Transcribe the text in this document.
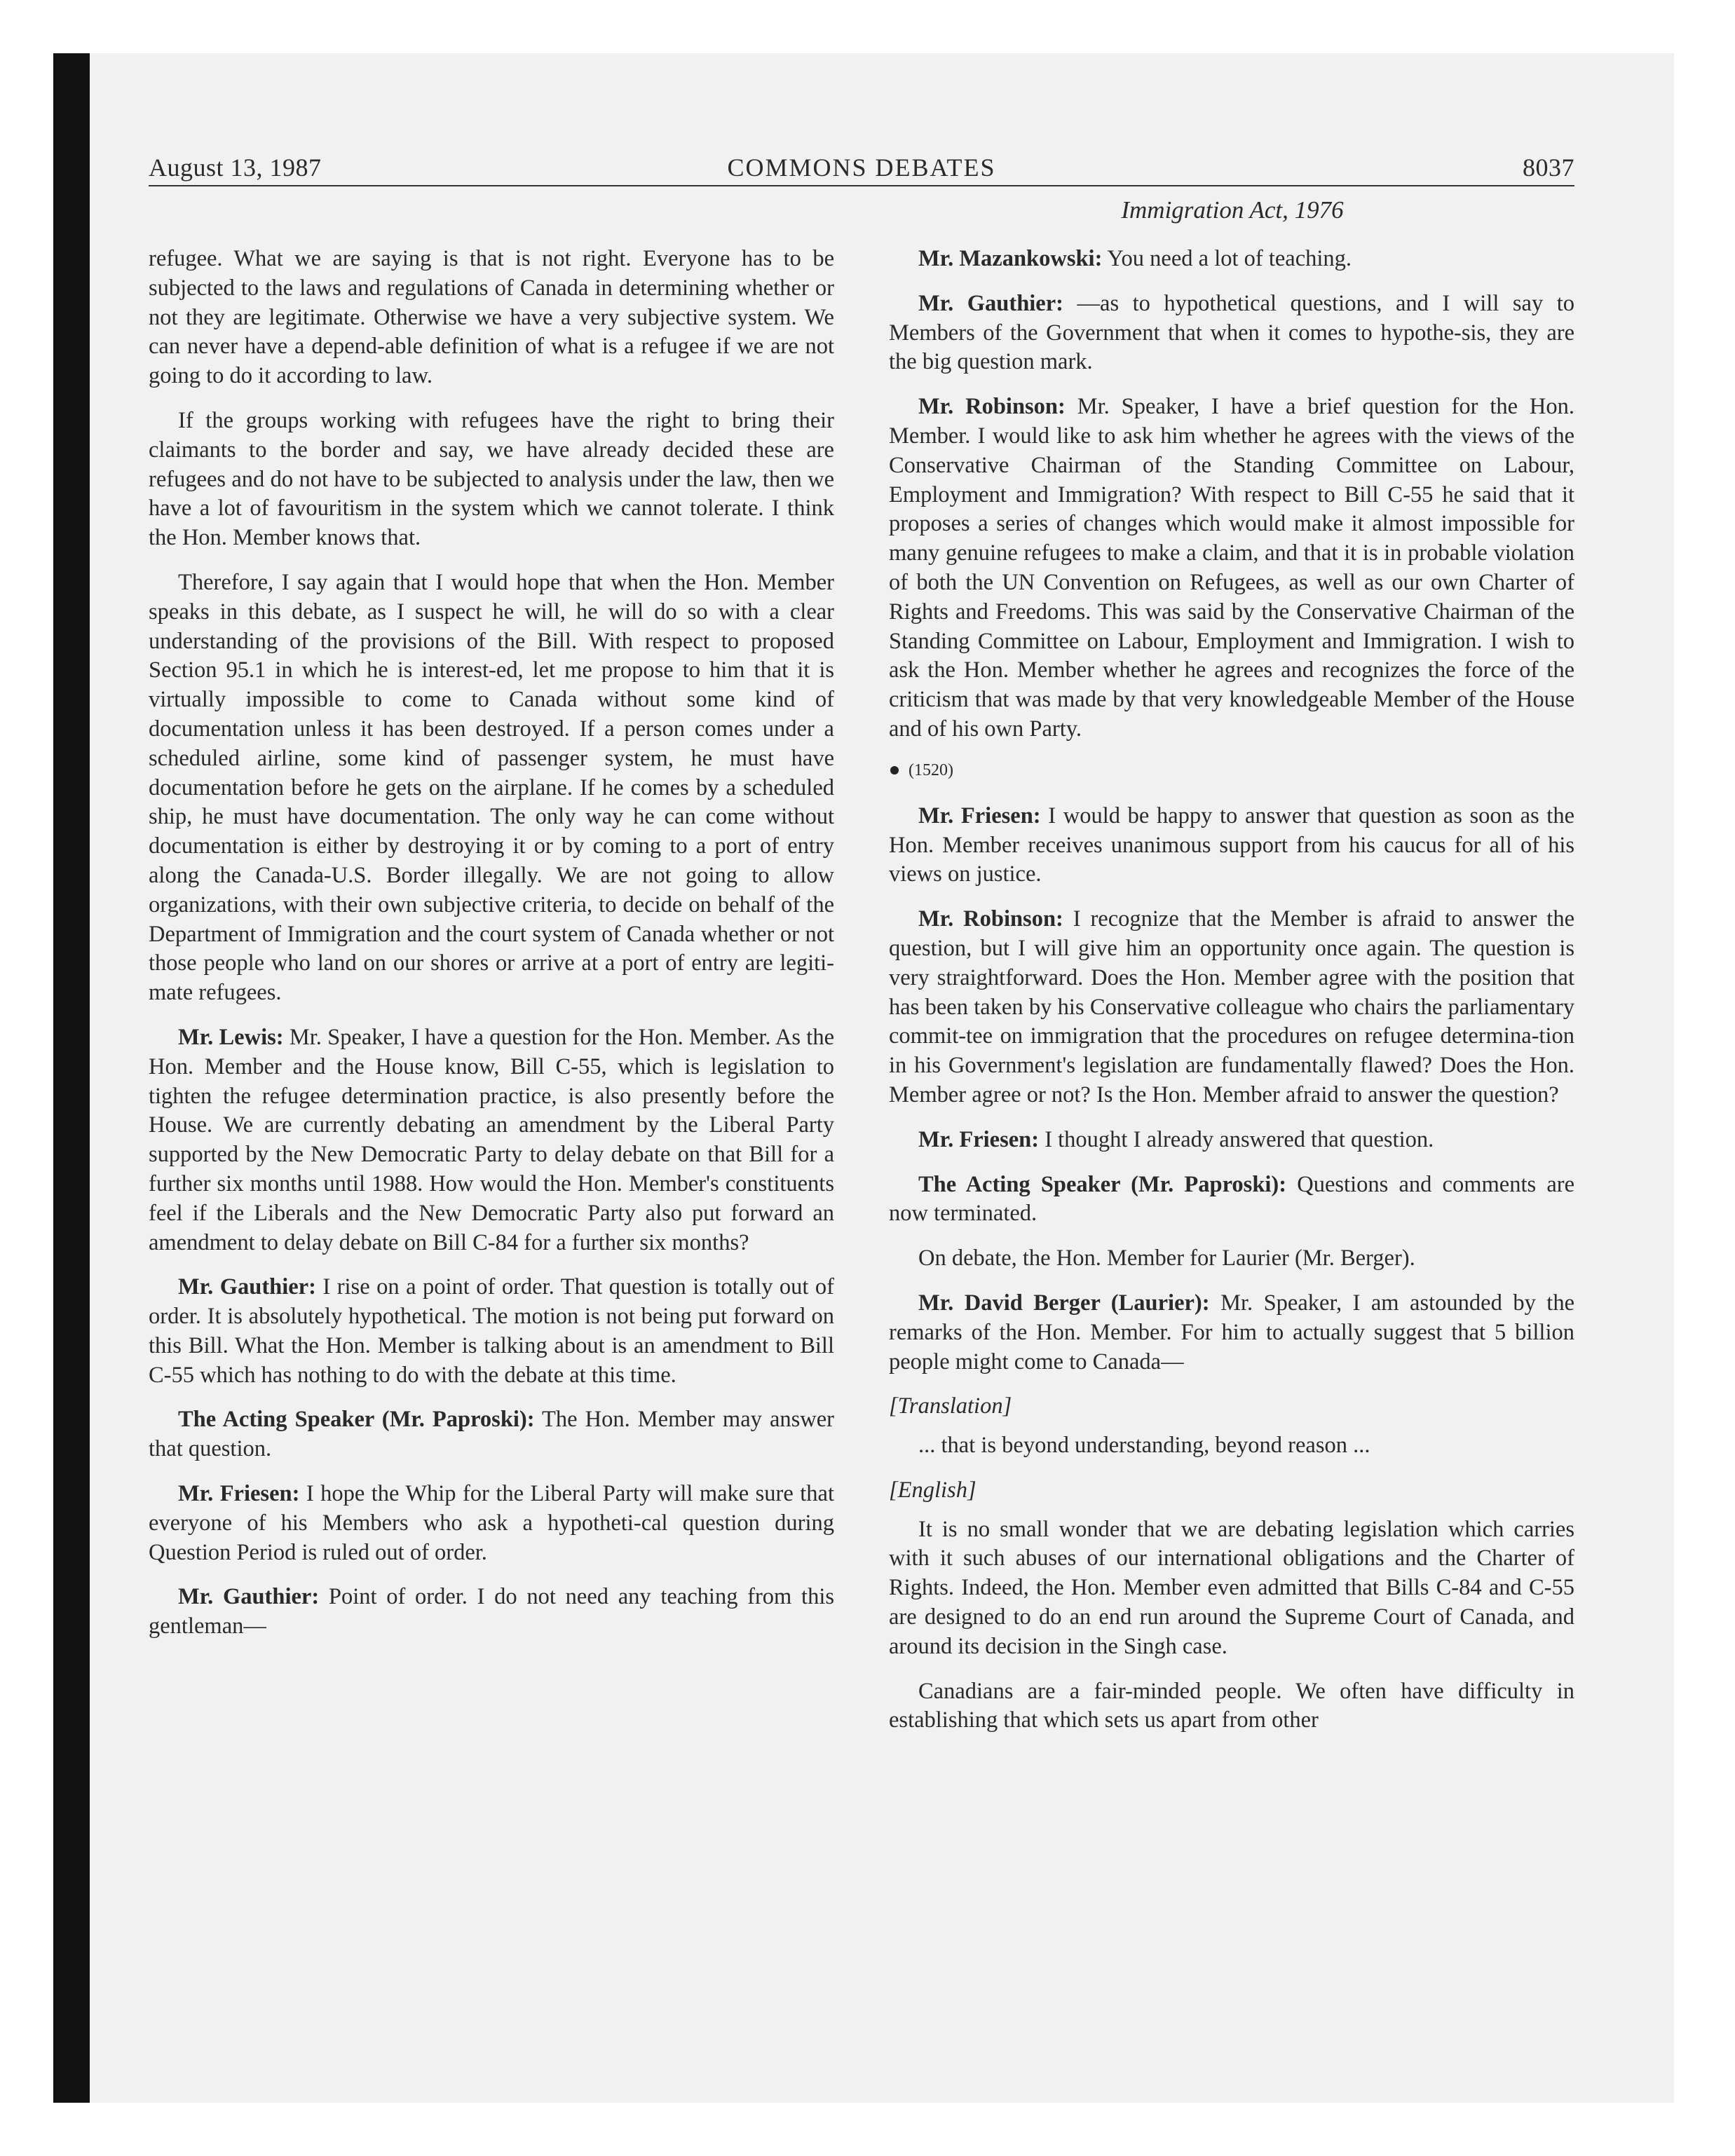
August 13, 1987	COMMONS DEBATES	8037
Immigration Act, 1976

refugee. What we are saying is that is not right. Everyone has to be subjected to the laws and regulations of Canada in determining whether or not they are legitimate. Otherwise we have a very subjective system. We can never have a depend-able definition of what is a refugee if we are not going to do it according to law.

If the groups working with refugees have the right to bring their claimants to the border and say, we have already decided these are refugees and do not have to be subjected to analysis under the law, then we have a lot of favouritism in the system which we cannot tolerate. I think the Hon. Member knows that.

Therefore, I say again that I would hope that when the Hon. Member speaks in this debate, as I suspect he will, he will do so with a clear understanding of the provisions of the Bill. With respect to proposed Section 95.1 in which he is interest-ed, let me propose to him that it is virtually impossible to come to Canada without some kind of documentation unless it has been destroyed. If a person comes under a scheduled airline, some kind of passenger system, he must have documentation before he gets on the airplane. If he comes by a scheduled ship, he must have documentation. The only way he can come without documentation is either by destroying it or by coming to a port of entry along the Canada-U.S. Border illegally. We are not going to allow organizations, with their own subjective criteria, to decide on behalf of the Department of Immigration and the court system of Canada whether or not those people who land on our shores or arrive at a port of entry are legiti-mate refugees.

Mr. Lewis: Mr. Speaker, I have a question for the Hon. Member. As the Hon. Member and the House know, Bill C-55, which is legislation to tighten the refugee determination practice, is also presently before the House. We are currently debating an amendment by the Liberal Party supported by the New Democratic Party to delay debate on that Bill for a further six months until 1988. How would the Hon. Member's constituents feel if the Liberals and the New Democratic Party also put forward an amendment to delay debate on Bill C-84 for a further six months?

Mr. Gauthier: I rise on a point of order. That question is totally out of order. It is absolutely hypothetical. The motion is not being put forward on this Bill. What the Hon. Member is talking about is an amendment to Bill C-55 which has nothing to do with the debate at this time.

The Acting Speaker (Mr. Paproski): The Hon. Member may answer that question.

Mr. Friesen: I hope the Whip for the Liberal Party will make sure that everyone of his Members who ask a hypotheti-cal question during Question Period is ruled out of order.

Mr. Gauthier: Point of order. I do not need any teaching from this gentleman—

Mr. Mazankowski: You need a lot of teaching.

Mr. Gauthier: —as to hypothetical questions, and I will say to Members of the Government that when it comes to hypothe-sis, they are the big question mark.

Mr. Robinson: Mr. Speaker, I have a brief question for the Hon. Member. I would like to ask him whether he agrees with the views of the Conservative Chairman of the Standing Committee on Labour, Employment and Immigration? With respect to Bill C-55 he said that it proposes a series of changes which would make it almost impossible for many genuine refugees to make a claim, and that it is in probable violation of both the UN Convention on Refugees, as well as our own Charter of Rights and Freedoms. This was said by the Conservative Chairman of the Standing Committee on Labour, Employment and Immigration. I wish to ask the Hon. Member whether he agrees and recognizes the force of the criticism that was made by that very knowledgeable Member of the House and of his own Party.

(1520)

Mr. Friesen: I would be happy to answer that question as soon as the Hon. Member receives unanimous support from his caucus for all of his views on justice.

Mr. Robinson: I recognize that the Member is afraid to answer the question, but I will give him an opportunity once again. The question is very straightforward. Does the Hon. Member agree with the position that has been taken by his Conservative colleague who chairs the parliamentary commit-tee on immigration that the procedures on refugee determina-tion in his Government's legislation are fundamentally flawed? Does the Hon. Member agree or not? Is the Hon. Member afraid to answer the question?

Mr. Friesen: I thought I already answered that question.

The Acting Speaker (Mr. Paproski): Questions and comments are now terminated.

On debate, the Hon. Member for Laurier (Mr. Berger).

Mr. David Berger (Laurier): Mr. Speaker, I am astounded by the remarks of the Hon. Member. For him to actually suggest that 5 billion people might come to Canada—

[Translation]

... that is beyond understanding, beyond reason ...

[English]

It is no small wonder that we are debating legislation which carries with it such abuses of our international obligations and the Charter of Rights. Indeed, the Hon. Member even admitted that Bills C-84 and C-55 are designed to do an end run around the Supreme Court of Canada, and around its decision in the Singh case.

Canadians are a fair-minded people. We often have difficulty in establishing that which sets us apart from other
